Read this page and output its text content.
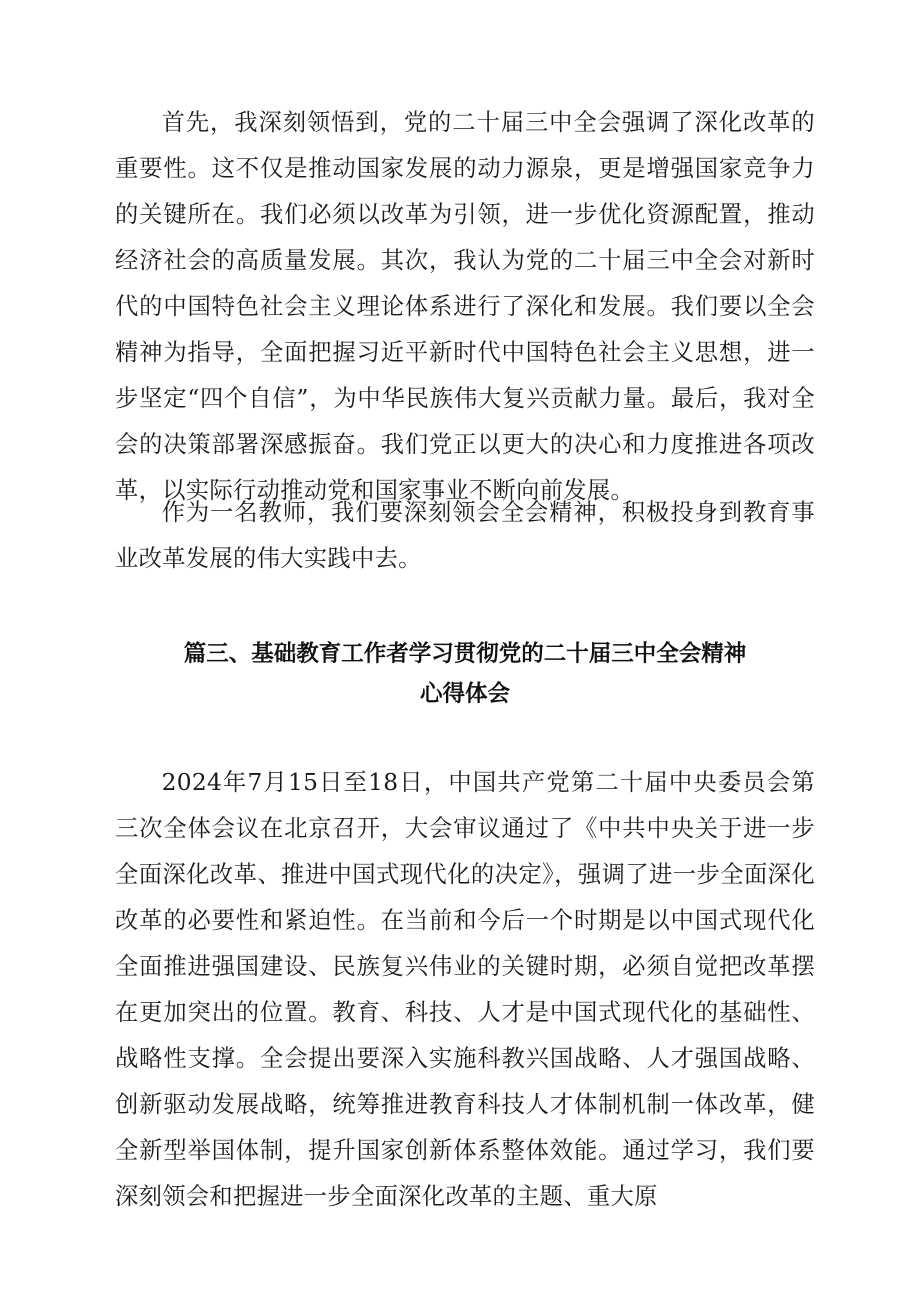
首先，我深刻领悟到，党的二十届三中全会强调了深化改革的重要性。这不仅是推动国家发展的动力源泉，更是增强国家竞争力的关键所在。我们必须以改革为引领，进一步优化资源配置，推动经济社会的高质量发展。其次，我认为党的二十届三中全会对新时代的中国特色社会主义理论体系进行了深化和发展。我们要以全会精神为指导，全面把握习近平新时代中国特色社会主义思想，进一步坚定“四个自信”，为中华民族伟大复兴贡献力量。最后，我对全会的决策部署深感振奋。我们党正以更大的决心和力度推进各项改革，以实际行动推动党和国家事业不断向前发展。

作为一名教师，我们要深刻领会全会精神，积极投身到教育事业改革发展的伟大实践中去。

篇三、基础教育工作者学习贯彻党的二十届三中全会精神
心得体会

2024年7月15日至18日，中国共产党第二十届中央委员会第三次全体会议在北京召开，大会审议通过了《中共中央关于进一步全面深化改革、推进中国式现代化的决定》，强调了进一步全面深化改革的必要性和紧迫性。在当前和今后一个时期是以中国式现代化全面推进强国建设、民族复兴伟业的关键时期，必须自觉把改革摆在更加突出的位置。教育、科技、人才是中国式现代化的基础性、战略性支撑。全会提出要深入实施科教兴国战略、人才强国战略、创新驱动发展战略，统筹推进教育科技人才体制机制一体改革，健全新型举国体制，提升国家创新体系整体效能。通过学习，我们要深刻领会和把握进一步全面深化改革的主题、重大原
